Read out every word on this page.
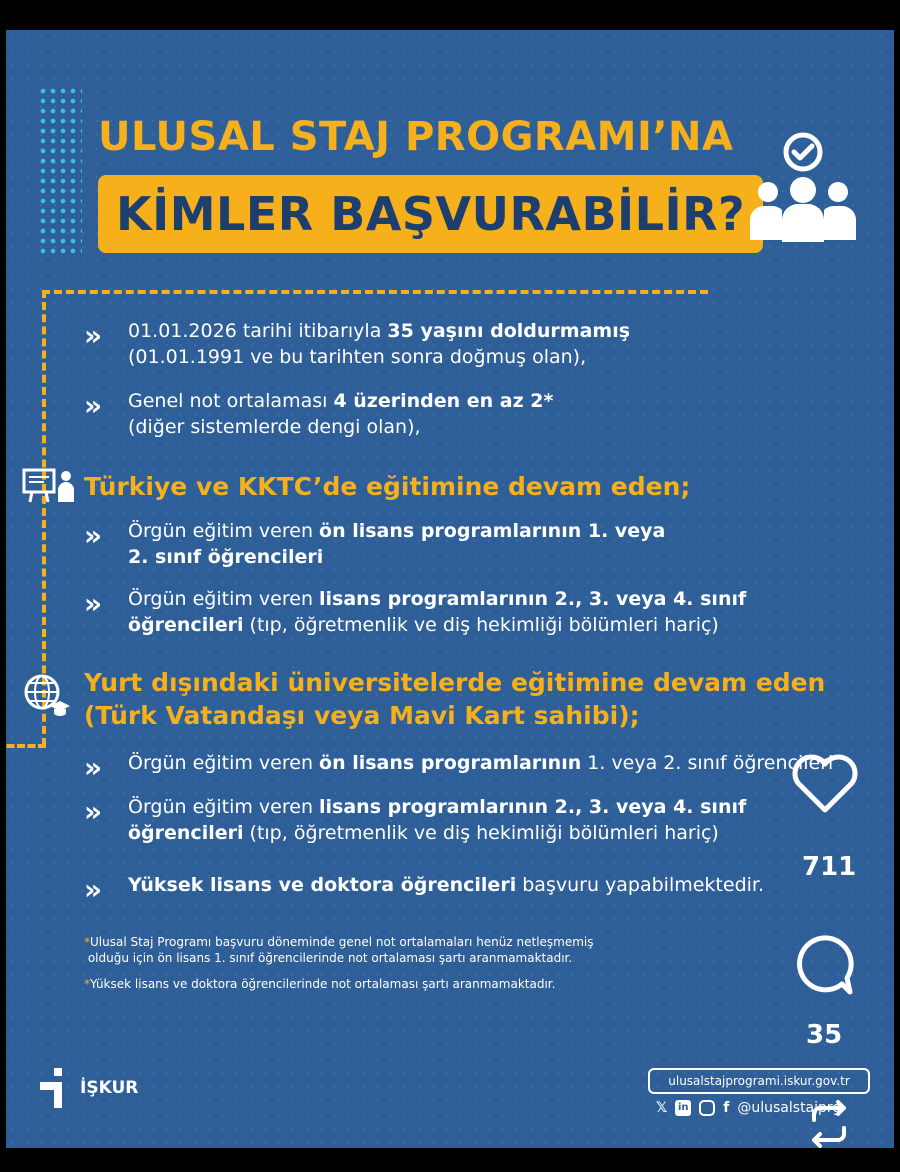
ULUSAL STAJ PROGRAMI’NA
KİMLER BAŞVURABİLİR?
»	01.01.2026 tarihi itibarıyla 35 yaşını doldurmamış
(01.01.1991 ve bu tarihten sonra doğmuş olan),
»	Genel not ortalaması 4 üzerinden en az 2*
(diğer sistemlerde dengi olan),
Türkiye ve KKTC’de eğitimine devam eden;
»	Örgün eğitim veren ön lisans programlarının 1. veya
2. sınıf öğrencileri
»	Örgün eğitim veren lisans programlarının 2., 3. veya 4. sınıf
öğrencileri (tıp, öğretmenlik ve diş hekimliği bölümleri hariç)
Yurt dışındaki üniversitelerde eğitimine devam eden
(Türk Vatandaşı veya Mavi Kart sahibi);
»	Örgün eğitim veren ön lisans programlarının 1. veya 2. sınıf öğrencileri
»	Örgün eğitim veren lisans programlarının 2., 3. veya 4. sınıf
öğrencileri (tıp, öğretmenlik ve diş hekimliği bölümleri hariç)
»	Yüksek lisans ve doktora öğrencileri başvuru yapabilmektedir.
*Ulusal Staj Programı başvuru döneminde genel not ortalamaları henüz netleşmemiş
olduğu için ön lisans 1. sınıf öğrencilerinde not ortalaması şartı aranmamaktadır.
*Yüksek lisans ve doktora öğrencilerinde not ortalaması şartı aranmamaktadır.
İŞKUR	ulusalstajprogrami.iskur.gov.tr
𝕏 in f @ulusalstajprg
711
35
